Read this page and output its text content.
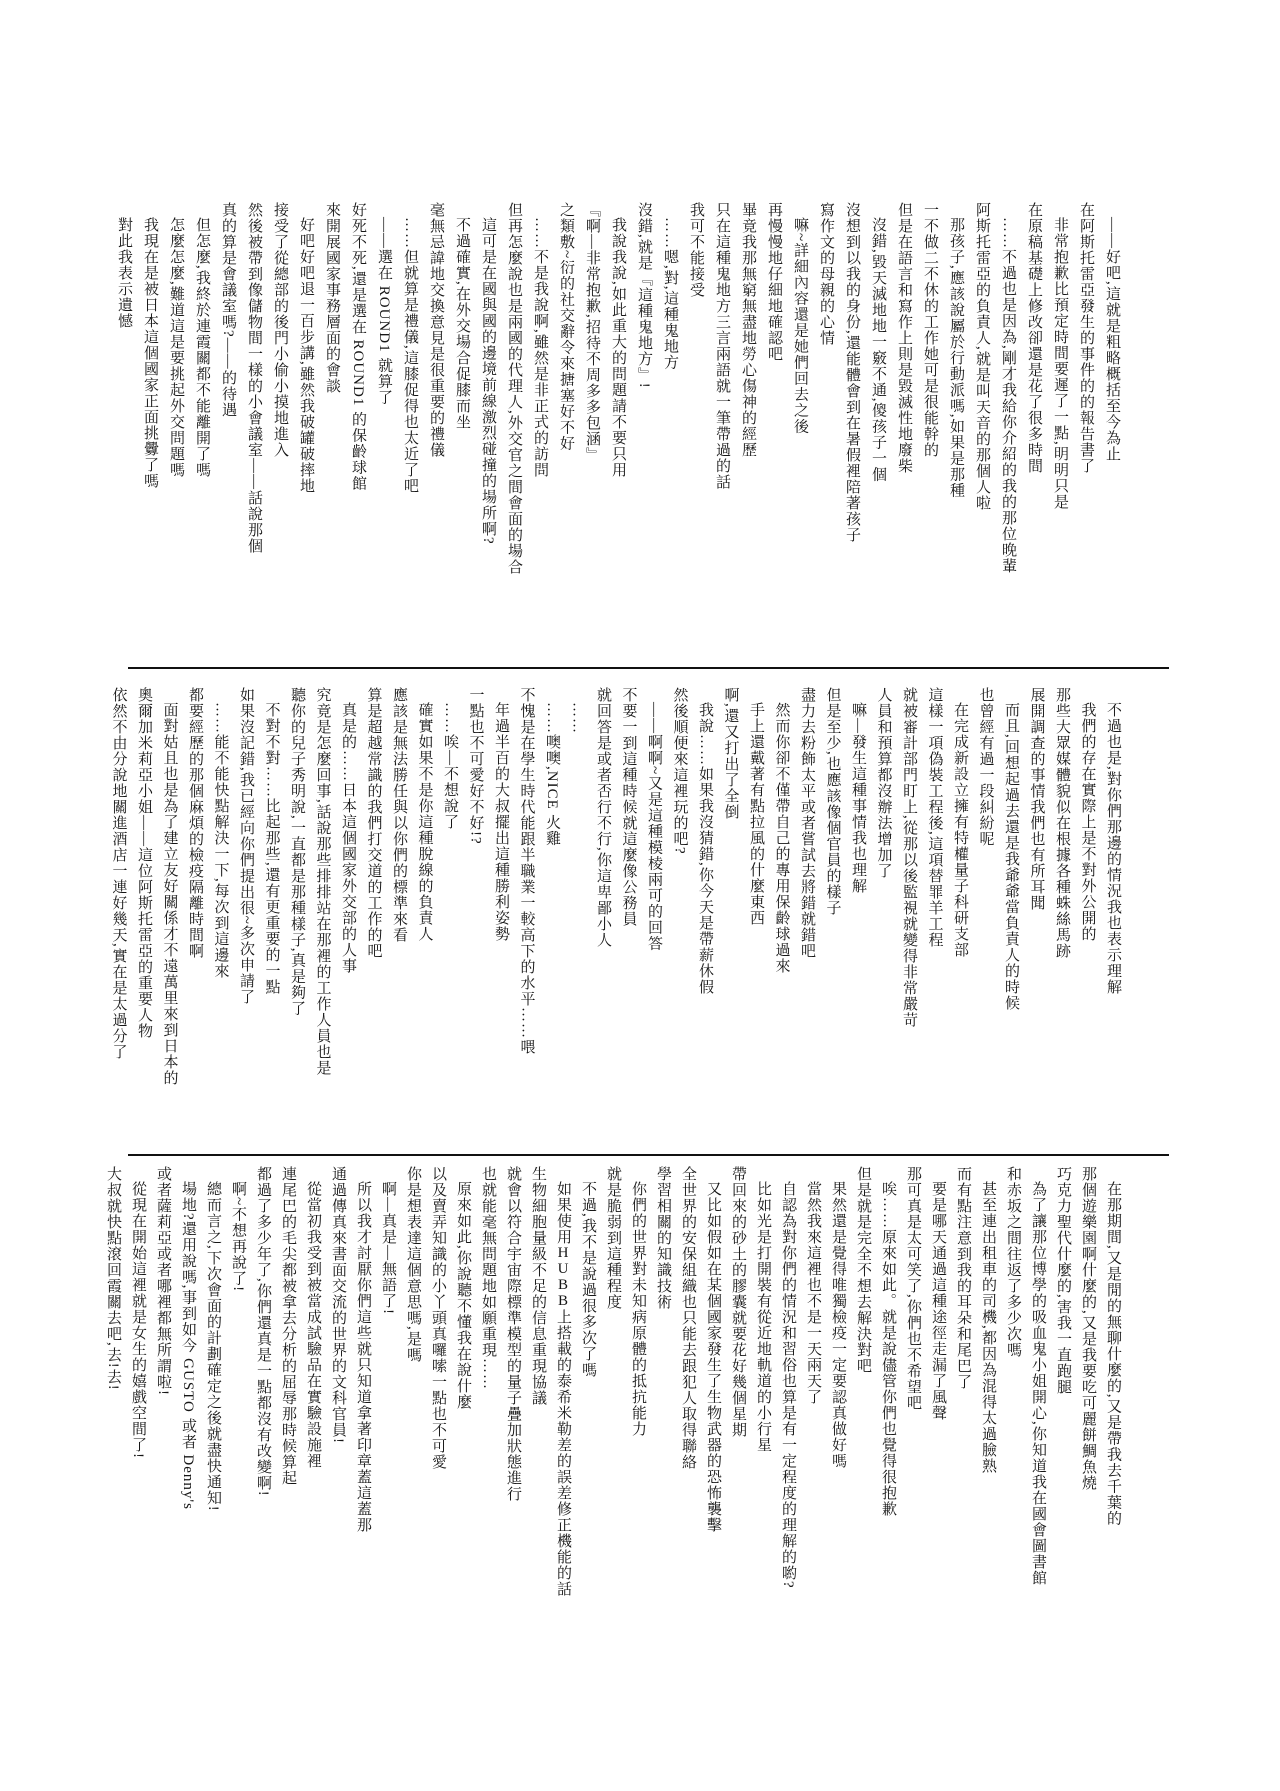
——好吧,這就是粗略概括至今為止

在阿斯托雷亞發生的事件的的報告書了

非常抱歉比預定時間要遲了一點,明明只是

在原稿基礎上修改卻還是花了很多時間

……不過也是因為,剛才我給你介紹的我的那位晚輩

阿斯托雷亞的負責人,就是叫天音的那個人啦

那孩子,應該說屬於行動派嗎,如果是那種

一不做二不休的工作她可是很能幹的

但是在語言和寫作上則是毀滅性地廢柴

沒錯,毀天滅地地一竅不通,傻孩子一個

沒想到以我的身份,還能體會到在暑假裡陪著孩子

寫作文的母親的心情

嘛~詳細內容還是她們回去之後

再慢慢地仔細地確認吧

畢竟我那無窮無盡地勞心傷神的經歷

只在這種鬼地方三言兩語就一筆帶過的話

我可不能接受

……嗯,對,這種鬼地方

沒錯,就是『這種鬼地方』!

我說我說,如此重大的問題請不要只用

『啊—非常抱歉,招待不周多多包涵』

之類敷~衍的社交辭令來搪塞好不好

……不是我說啊,雖然是非正式的訪問

但再怎麼說也是兩國的代理人,外交官之間會面的場合

這可是在國與國的邊境前線激烈碰撞的場所啊?

不過確實,在外交場合促膝而坐

毫無忌諱地交換意見是很重要的禮儀

……但就算是禮儀,這膝促得也太近了吧

——選在 ROUND1 就算了

好死不死,還是選在 ROUND1 的保齡球館

來開展國家事務層面的會談

好吧好吧退一百步講,雖然我破罐破摔地

接受了從總部的後門小偷小摸地進入

然後被帶到像儲物間一樣的小會議室——話說那個

真的算是會議室嗎?——的待遇

但怎麼,我終於連霞關都不能離開了嗎

怎麼怎麼,難道這是要挑起外交問題嗎

我現在是被日本這個國家正面挑釁了嗎

對此我表示遺憾

不過也是,對你們那邊的情況我也表示理解

我們的存在實際上是不對外公開的

那些大眾媒體貌似在根據各種蛛絲馬跡

展開調查的事情我們也有所耳聞

而且,回想起過去還是我爺爺當負責人的時候

也曾經有過一段糾紛呢

在完成新設立擁有特權量子科研支部

這樣一項偽裝工程後,這項替罪羊工程

就被審計部門盯上,從那以後監視就變得非常嚴苛

人員和預算都沒辦法增加了

嘛—發生這種事情我也理解

但是至少,也應該像個官員的樣子

盡力去粉飾太平或者嘗試去將錯就錯吧

然而你卻不僅帶自己的專用保齡球過來

手上還戴著有點拉風的什麼東西

啊,還又打出了全倒

我說……如果我沒猜錯,你今天是帶薪休假

然後順便來這裡玩的吧?

——啊啊~又是這種模棱兩可的回答

不要一到這種時候就這麼像公務員

就回答是或者否行不行,你這卑鄙小人

……

……噢噢,NICE 火雞

不愧是在學生時代能跟半職業一較高下的水平……喂

年過半百的大叔擺出這種勝利姿勢

一點也不可愛好不好!?

……唉—不想說了

確實如果不是你這種脫線的負責人

應該是無法勝任與以你們的標準來看

算是超越常識的我們打交道的工作的吧

真是的……日本這個國家外交部的人事

究竟是怎麼回事,話說那些排排站在那裡的工作人員也是

聽你的兒子秀明說,一直都是那種樣子,真是夠了

不對不對……比起那些,還有更重要的一點

如果沒記錯,我已經向你們提出很~多次申請了

……能不能快點解決一下,每次到這邊來

都要經歷的那個麻煩的檢疫隔離時間啊

面對姑且也是為了建立友好關係才不遠萬里來到日本的

奧爾加米莉亞小姐——這位阿斯托雷亞的重要人物

依然不由分說地關進酒店一連好幾天,實在是太過分了

在那期間,又是閒的無聊什麼的,又是帶我去千葉的

那個遊樂園啊什麼的,又是我要吃可麗餅鯛魚燒

巧克力聖代什麼的,害我一直跑腿

為了讓那位博學的吸血鬼小姐開心,你知道我在國會圖書館

和赤坂之間往返了多少次嗎

甚至連出租車的司機,都因為混得太過臉熟

而有點注意到我的耳朵和尾巴了

要是哪天通過這種途徑走漏了風聲

那可真是太可笑了,你們也不希望吧

唉……原來如此。就是說儘管你們也覺得很抱歉

但是就是完全不想去解決對吧

果然還是覺得唯獨檢疫一定要認真做好嗎

當然我來這裡也不是一天兩天了

自認為對你們的情況和習俗也算是有一定程度的理解的喲?

比如光是打開裝有從近地軌道的小行星

帶回來的砂土的膠囊就要花好幾個星期

又比如假如在某個國家發生了生物武器的恐怖襲擊

全世界的安保組織也只能去跟犯人取得聯絡

學習相關的知識技術

你們的世界對未知病原體的抵抗能力

就是脆弱到這種程度

不過,我不是說過很多次了嗎

如果使用HUBB上搭載的泰希米勒差的誤差修正機能的話

生物細胞量級不足的信息重現協議

就會以符合宇宙際標準模型的量子疊加狀態進行

也就能毫無問題地如願重現……

原來如此,你說聽不懂我在說什麼

以及賣弄知識的小丫頭真囉嗦一點也不可愛

你是想表達這個意思嗎,是嗎

啊—真是—無語了!

所以我才討厭你們這些就只知道拿著印章蓋這蓋那

通過傳真來書面交流的世界的文科官員!

從當初我受到被當成試驗品在實驗設施裡

連尾巴的毛尖都被拿去分析的屈辱那時候算起

都過了多少年了,你們還真是一點都沒有改變啊!

啊~不想再說了!

總而言之,下次會面的計劃確定之後就盡快通知!

場地?還用說嗎,事到如今 GUSTO 或者 Denny's

或者薩莉亞或者哪裡都無所謂啦!

從現在開始這裡就是女生的嬉戲空間了!

大叔就快點滾回霞關去吧,去!去!
